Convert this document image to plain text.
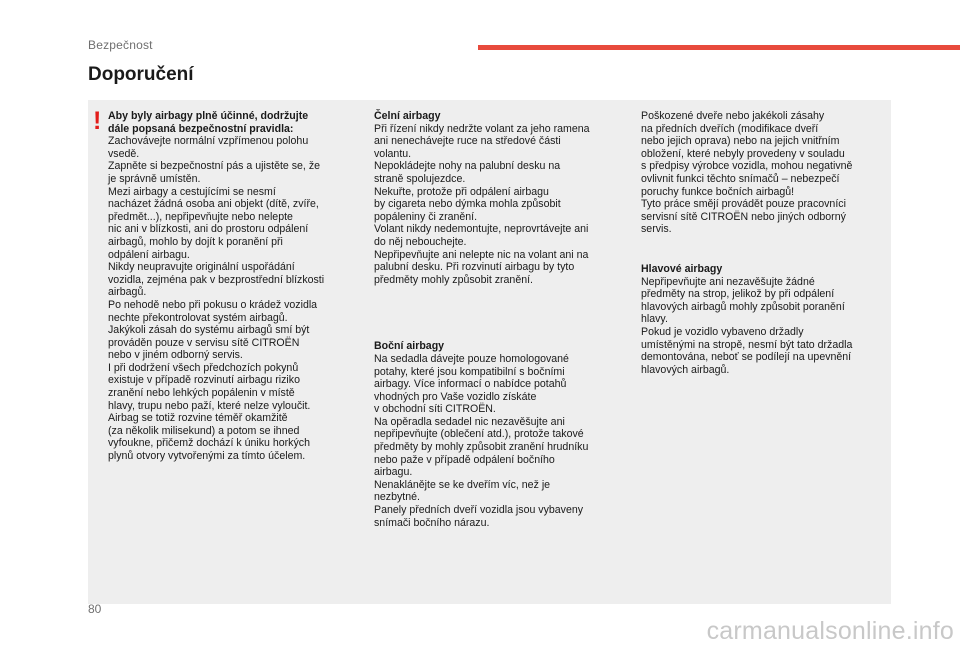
Bezpečnost
Doporučení
! Aby byly airbagy plně účinné, dodržujte
dále popsaná bezpečnostní pravidla:

Zachovávejte normální vzpřímenou polohu
vsedě.
Zapněte si bezpečnostní pás a ujistěte se, že
je správně umístěn.
Mezi airbagy a cestujícími se nesmí
nacházet žádná osoba ani objekt (dítě, zvíře,
předmět...), nepřipevňujte nebo nelepte
nic ani v blízkosti, ani do prostoru odpálení
airbagů, mohlo by dojít k poranění při
odpálení airbagu.
Nikdy neupravujte originální uspořádání
vozidla, zejména pak v bezprostřední blízkosti
airbagů.
Po nehodě nebo při pokusu o krádež vozidla
nechte překontrolovat systém airbagů.
Jakýkoli zásah do systému airbagů smí být
prováděn pouze v servisu sítě CITROËN
nebo v jiném odborný servis.
I při dodržení všech předchozích pokynů
existuje v případě rozvinutí airbagu riziko
zranění nebo lehkých popálenin v místě
hlavy, trupu nebo paží, které nelze vyloučit.
Airbag se totiž rozvine téměř okamžitě
(za několik milisekund) a potom se ihned
vyfoukne, přičemž dochází k úniku horkých
plynů otvory vytvořenými za tímto účelem.

Čelní airbagy

Při řízení nikdy nedržte volant za jeho ramena
ani nenechávejte ruce na středové části
volantu.
Nepokládejte nohy na palubní desku na
straně spolujezdce.
Nekuřte, protože při odpálení airbagu
by cigareta nebo dýmka mohla způsobit
popáleniny či zranění.
Volant nikdy nedemontujte, neprovrtávejte ani
do něj nebouchejte.
Nepřipevňujte ani nelepte nic na volant ani na
palubní desku. Při rozvinutí airbagu by tyto
předměty mohly způsobit zranění.

Boční airbagy

Na sedadla dávejte pouze homologované
potahy, které jsou kompatibilní s bočními
airbagy. Více informací o nabídce potahů
vhodných pro Vaše vozidlo získáte
v obchodní síti CITROËN.
Na opěradla sedadel nic nezavěšujte ani
nepřipevňujte (oblečení atd.), protože takové
předměty by mohly způsobit zranění hrudníku
nebo paže v případě odpálení bočního
airbagu.
Nenaklánějte se ke dveřím víc, než je
nezbytné.
Panely předních dveří vozidla jsou vybaveny
snímači bočního nárazu.

Poškozené dveře nebo jakékoli zásahy
na předních dveřích (modifikace dveří
nebo jejich oprava) nebo na jejich vnitřním
obložení, které nebyly provedeny v souladu
s předpisy výrobce vozidla, mohou negativně
ovlivnit funkci těchto snímačů – nebezpečí
poruchy funkce bočních airbagů!
Tyto práce smějí provádět pouze pracovníci
servisní sítě CITROËN nebo jiných odborný
servis.

Hlavové airbagy

Nepřipevňujte ani nezavěšujte žádné
předměty na strop, jelikož by při odpálení
hlavových airbagů mohly způsobit poranění
hlavy.
Pokud je vozidlo vybaveno držadly
umístěnými na stropě, nesmí být tato držadla
demontována, neboť se podílejí na upevnění
hlavových airbagů.

80
carmanualsonline.info
